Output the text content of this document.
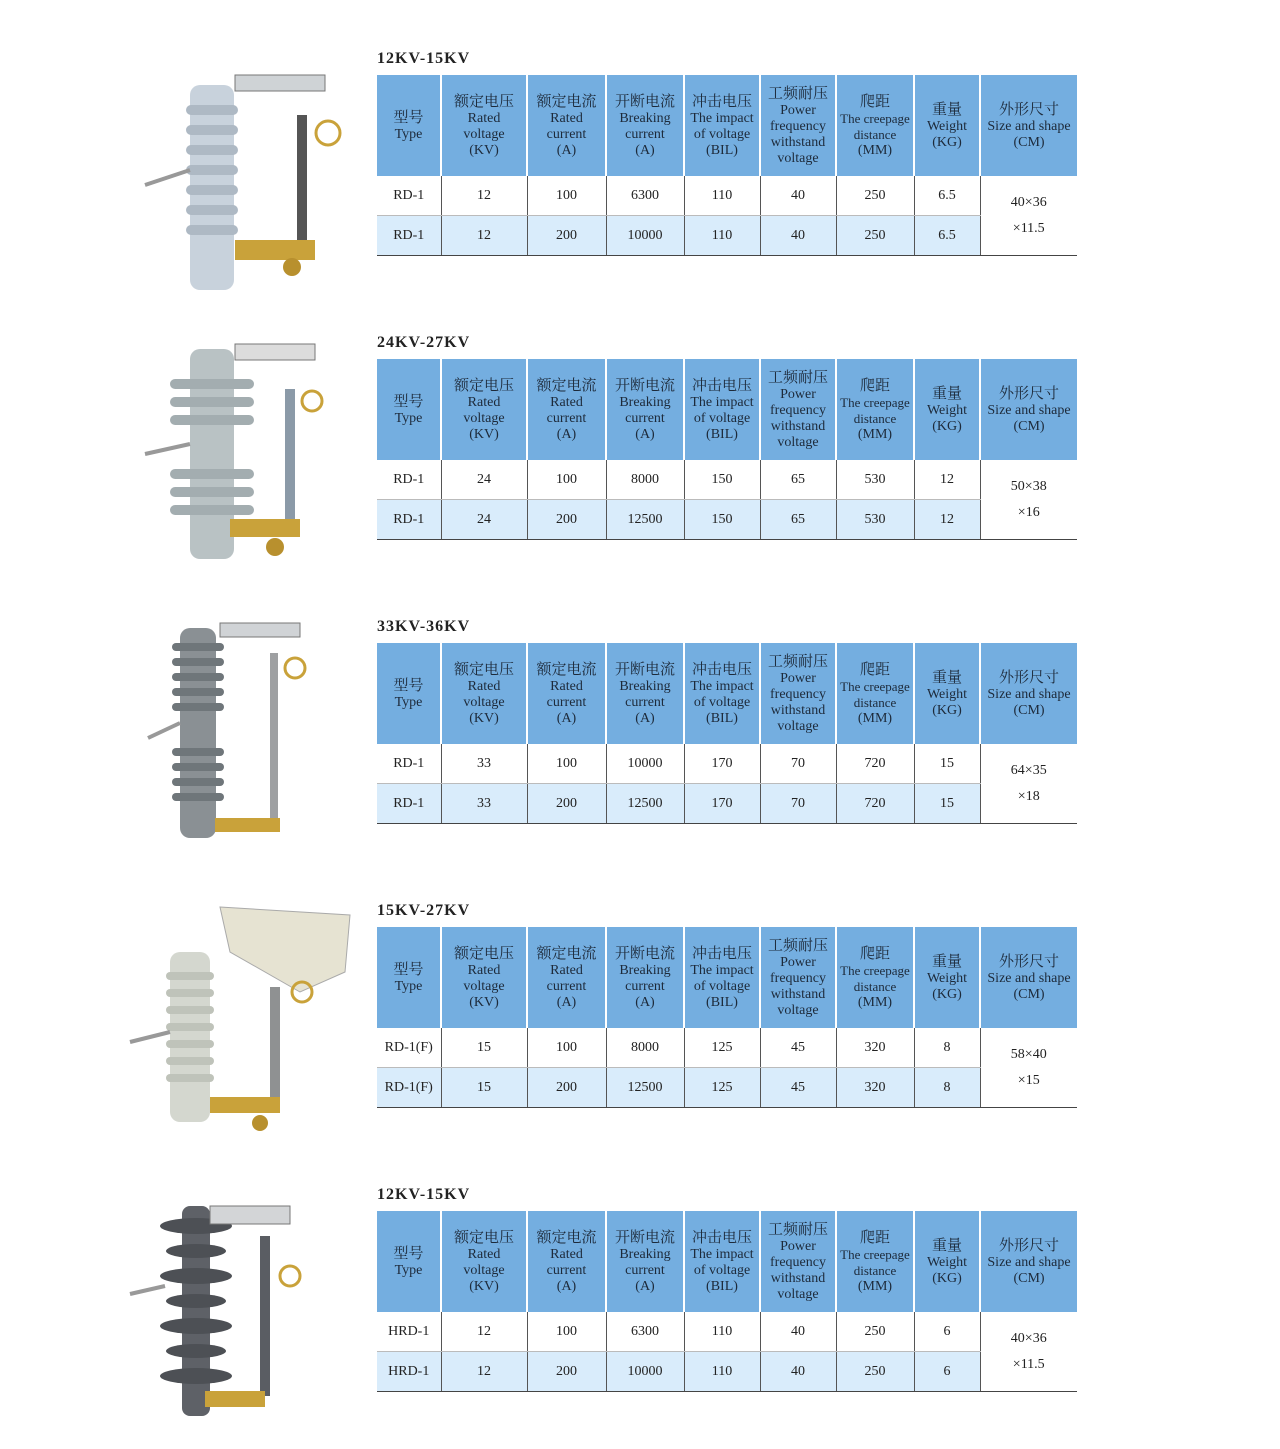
12KV-15KV
型号
Type	额定电压
Rated
voltage
(KV)	额定电流
Rated
current
(A)	开断电流
Breaking
current
(A)	冲击电压
The impact
of voltage
(BIL)	工频耐压
Power
frequency
withstand
voltage	爬距
The creepage
distance
(MM)	重量
Weight
(KG)	外形尺寸
Size and shape
(CM)

RD-1	12	100	6300	110	40	250	6.5	40×36
×11.5

RD-1	12	200	10000	110	40	250	6.5	
24KV-27KV
型号
Type	额定电压
Rated
voltage
(KV)	额定电流
Rated
current
(A)	开断电流
Breaking
current
(A)	冲击电压
The impact
of voltage
(BIL)	工频耐压
Power
frequency
withstand
voltage	爬距
The creepage
distance
(MM)	重量
Weight
(KG)	外形尺寸
Size and shape
(CM)

RD-1	24	100	8000	150	65	530	12	50×38
×16

RD-1	24	200	12500	150	65	530	12	
33KV-36KV
型号
Type	额定电压
Rated
voltage
(KV)	额定电流
Rated
current
(A)	开断电流
Breaking
current
(A)	冲击电压
The impact
of voltage
(BIL)	工频耐压
Power
frequency
withstand
voltage	爬距
The creepage
distance
(MM)	重量
Weight
(KG)	外形尺寸
Size and shape
(CM)

RD-1	33	100	10000	170	70	720	15	64×35
×18

RD-1	33	200	12500	170	70	720	15	
15KV-27KV
型号
Type	额定电压
Rated
voltage
(KV)	额定电流
Rated
current
(A)	开断电流
Breaking
current
(A)	冲击电压
The impact
of voltage
(BIL)	工频耐压
Power
frequency
withstand
voltage	爬距
The creepage
distance
(MM)	重量
Weight
(KG)	外形尺寸
Size and shape
(CM)

RD-1(F)	15	100	8000	125	45	320	8	58×40
×15

RD-1(F)	15	200	12500	125	45	320	8	
12KV-15KV
型号
Type	额定电压
Rated
voltage
(KV)	额定电流
Rated
current
(A)	开断电流
Breaking
current
(A)	冲击电压
The impact
of voltage
(BIL)	工频耐压
Power
frequency
withstand
voltage	爬距
The creepage
distance
(MM)	重量
Weight
(KG)	外形尺寸
Size and shape
(CM)

HRD-1	12	100	6300	110	40	250	6	40×36
×11.5

HRD-1	12	200	10000	110	40	250	6	
